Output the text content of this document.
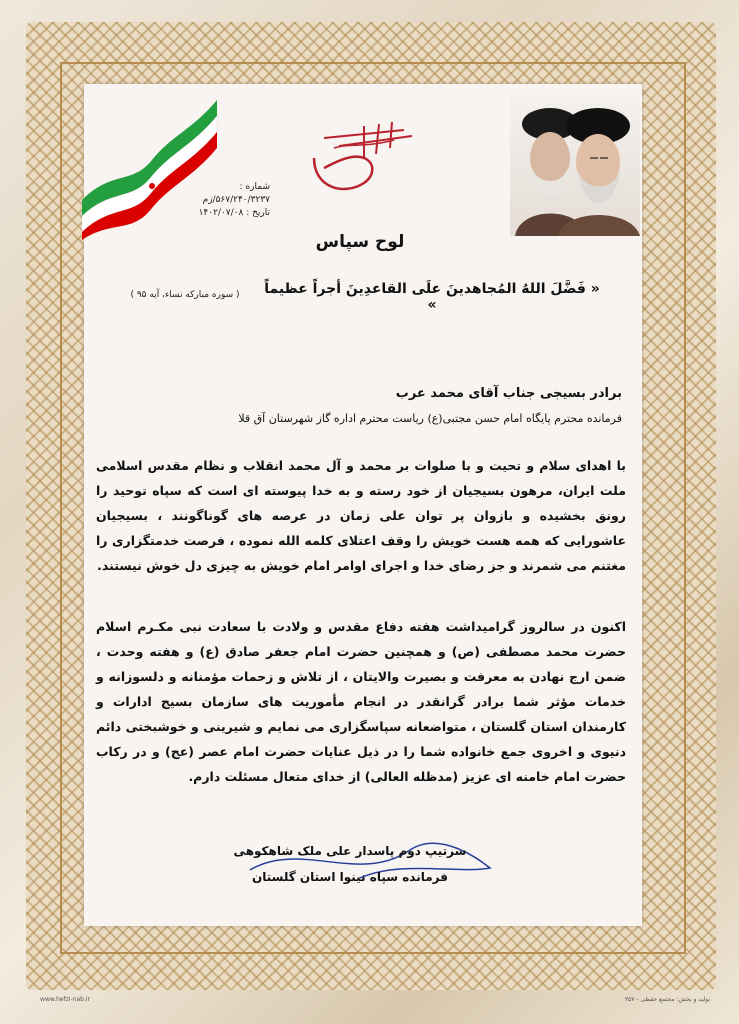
شماره :
۵۶۷/۲۴۰/۳۲۳۷/زم
تاریخ : ۱۴۰۲/۰۷/۰۸
لوح سپاس
« فَضَّلَ اللهُ المُجاهدینَ علَی القاعدِینَ أجراً عظیماً »
( سوره مبارکه نساء، آیه ۹۵ )
برادر بسیجی جناب آقای محمد عرب
فرمانده محترم پایگاه امام حسن مجتبی(ع) ریاست محترم اداره گاز شهرستان آق قلا
با اهدای سلام و تحیت و با صلوات بر محمد و آل محمد انقلاب و نظام مقدس اسلامی ملت ایران، مرهون بسیجیان از خود رسته و به خدا پیوسته ای است که سپاه توحید را رونق بخشیده و بازوان پر توان علی زمان در عرصه های گوناگونند ، بسیجیان عاشورایی که همه هست خویش را وقف اعتلای کلمه الله نموده ، فرصت خدمتگزاری را مغتنم می شمرند و جز رضای خدا و اجرای اوامر امام خویش به چیزی دل خوش نیستند.
اکنون در سالروز گرامیداشت هفته دفاع مقدس و ولادت با سعادت نبی مکـرم اسلام حضرت محمد مصطفی (ص) و همچنین حضرت امام جعفر صادق (ع) و هفته وحدت ، ضمن ارج نهادن به معرفت و بصیرت والایتان ، از تلاش و زحمات مؤمنانه و دلسوزانه و خدمات مؤثر شما برادر گرانقدر در انجام مأموریت های سازمان بسیج ادارات و کارمندان استان گلستان ، متواضعانه سپاسگزاری می نمایم و شیرینی و خوشبختی دائم دنیوی و اخروی جمع خانواده شما را در ذیل عنایات حضرت امام عصر (عج) و در رکاب حضرت امام خامنه ای عزیز (مدظله العالی) از خدای متعال مسئلت دارم.
سرتیپ دوم پاسدار علی ملک شاهکوهی
فرمانده سپاه نینوا استان گلستان
www.hefzi-nab.ir	تولید و بخش: مجتمع حفظی - ۳۵۷
